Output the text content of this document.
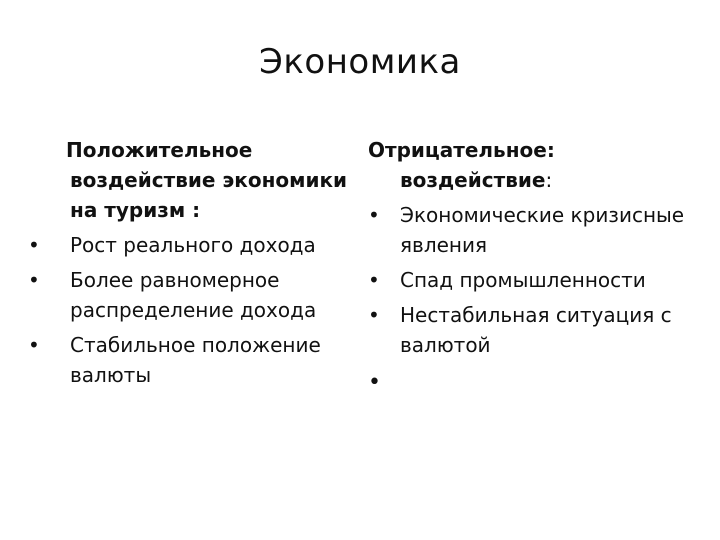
Экономика
Положительное воздействие экономики на туризм :
•	Рост реального дохода
•	Более равномерное распределение дохода
•	Стабильное положение валюты
Отрицательное:
воздействие:
•	Экономические кризисные явления
•	Спад промышленности
•	Нестабильная ситуация с валютой
•
